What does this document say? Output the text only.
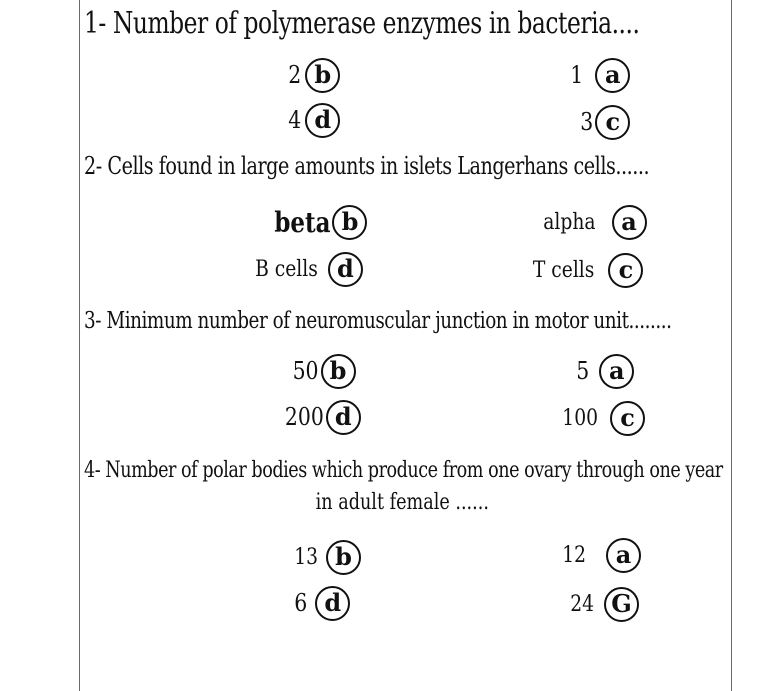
1- Number of polymerase enzymes in bacteria....
2 b	1 a
4 d	3 c
2- Cells found in large amounts in islets Langerhans cells......
beta b	alpha	a
B cells d	T cells	c
3- Minimum number of neuromuscular junction in motor unit........
50 b	5 a
200 d	100 c
4- Number of polar bodies which produce from one ovary through one year
in adult female ......
13 b	12	a
6 d	24 G
